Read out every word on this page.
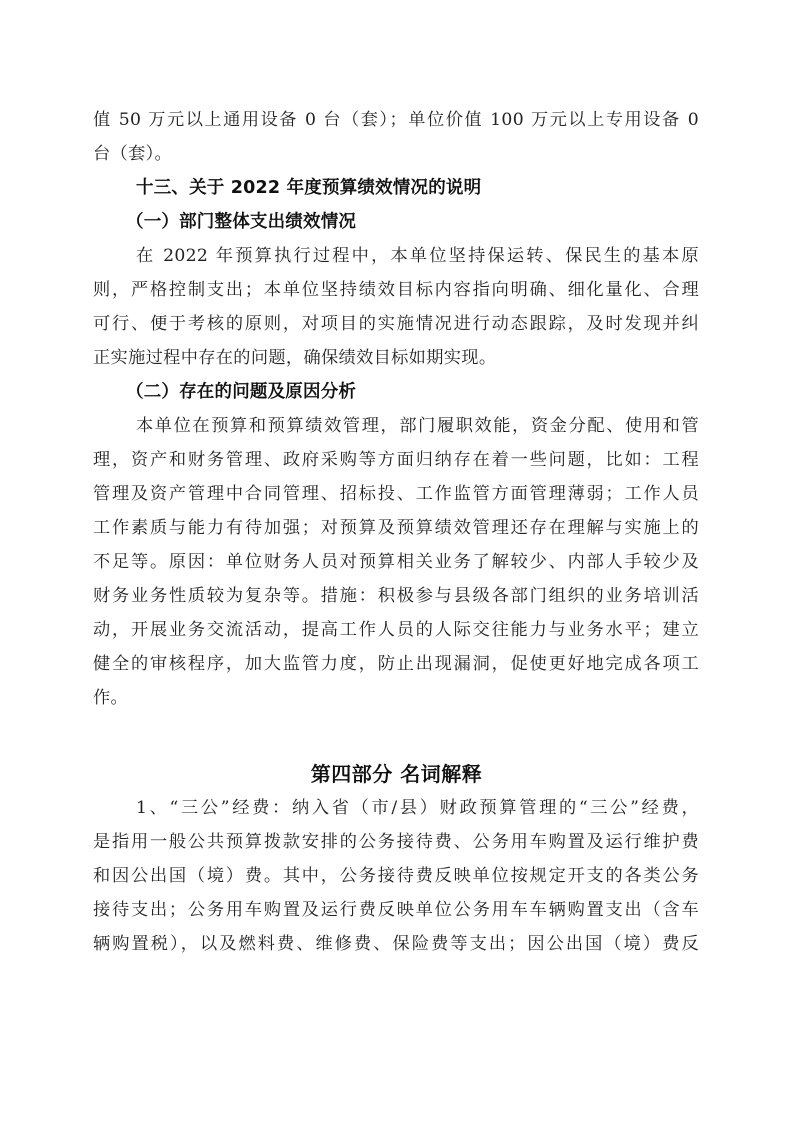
值 50 万元以上通用设备 0 台（套）；单位价值 100 万元以上专用设备 0
台（套）。
十三、关于 2022 年度预算绩效情况的说明
（一）部门整体支出绩效情况
在 2022 年预算执行过程中，本单位坚持保运转、保民生的基本原
则，严格控制支出；本单位坚持绩效目标内容指向明确、细化量化、合理
可行、便于考核的原则，对项目的实施情况进行动态跟踪，及时发现并纠
正实施过程中存在的问题，确保绩效目标如期实现。
（二）存在的问题及原因分析
本单位在预算和预算绩效管理，部门履职效能，资金分配、使用和管
理，资产和财务管理、政府采购等方面归纳存在着一些问题，比如：工程
管理及资产管理中合同管理、招标投、工作监管方面管理薄弱；工作人员
工作素质与能力有待加强；对预算及预算绩效管理还存在理解与实施上的
不足等。原因：单位财务人员对预算相关业务了解较少、内部人手较少及
财务业务性质较为复杂等。措施：积极参与县级各部门组织的业务培训活
动，开展业务交流活动，提高工作人员的人际交往能力与业务水平；建立
健全的审核程序，加大监管力度，防止出现漏洞，促使更好地完成各项工
作。
第四部分 名词解释
1、“三公”经费：纳入省（市/县）财政预算管理的“三公”经费，
是指用一般公共预算拨款安排的公务接待费、公务用车购置及运行维护费
和因公出国（境）费。其中，公务接待费反映单位按规定开支的各类公务
接待支出；公务用车购置及运行费反映单位公务用车车辆购置支出（含车
辆购置税），以及燃料费、维修费、保险费等支出；因公出国（境）费反
